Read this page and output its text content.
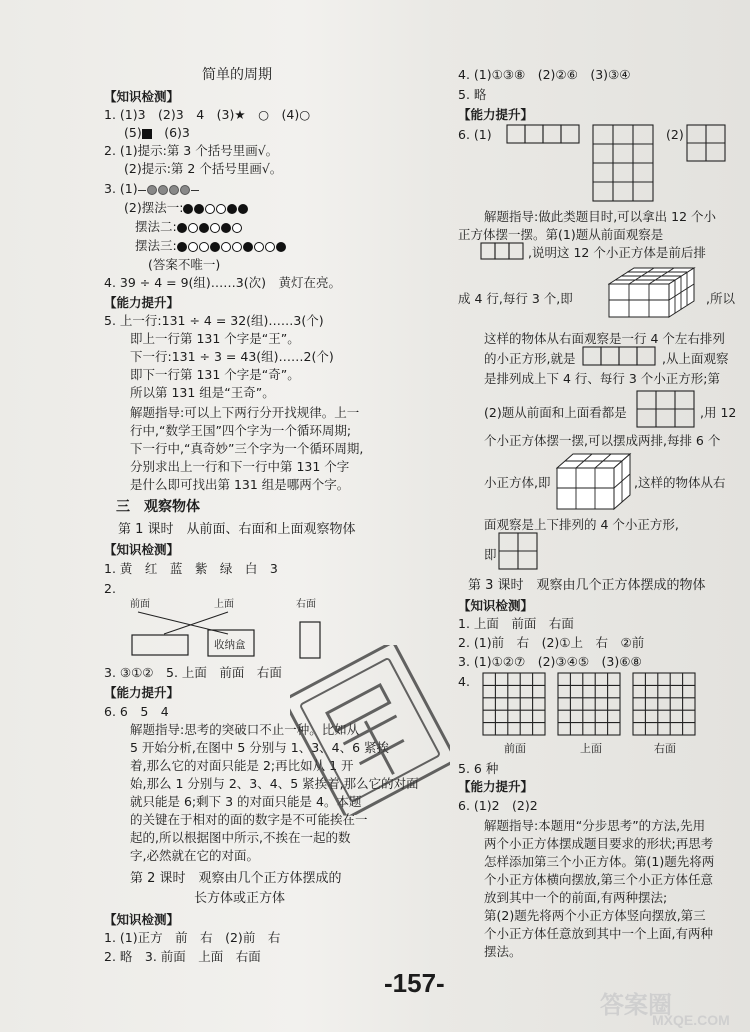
简单的周期
【知识检测】
1. (1)3　(2)3　4　(3)★　○　(4)○
(5)　(6)3
2. (1)提示:第 3 个括号里画√。
(2)提示:第 2 个括号里画√。
3. (1)
(2)摆法一:
摆法二:
摆法三:
(答案不唯一)
4. 39 ÷ 4 = 9(组)……3(次)　黄灯在亮。
【能力提升】
5. 上一行:131 ÷ 4 = 32(组)……3(个)
即上一行第 131 个字是“王”。
下一行:131 ÷ 3 = 43(组)……2(个)
即下一行第 131 个字是“奇”。
所以第 131 组是“王奇”。
解题指导:可以上下两行分开找规律。上一
行中,“数学王国”四个字为一个循环周期;
下一行中,“真奇妙”三个字为一个循环周期,
分别求出上一行和下一行中第 131 个字
是什么即可找出第 131 组是哪两个字。
三　观察物体
第 1 课时　从前面、右面和上面观察物体
【知识检测】
1. 黄　红　蓝　紫　绿　白　3
2.
前面	上面	右面
收纳盒
3. ③①②　5. 上面　前面　右面
【能力提升】
6. 6　5　4
解题指导:思考的突破口不止一种。比如从
5 开始分析,在图中 5 分别与 1、3、4、6 紧挨
着,那么它的对面只能是 2;再比如从 1 开
始,那么 1 分别与 2、3、4、5 紧挨着,那么它的对面
就只能是 6;剩下 3 的对面只能是 4。本题
的关键在于相对的面的数字是不可能挨在一
起的,所以根据图中所示,不挨在一起的数
字,必然就在它的对面。
第 2 课时　观察由几个正方体摆成的
长方体或正方体
【知识检测】
1. (1)正方　前　右　(2)前　右
2. 略　3. 前面　上面　右面
4. (1)①③⑧　(2)②⑥　(3)③④
5. 略
【能力提升】
6. (1)	(2)
解题指导:做此类题目时,可以拿出 12 个小
正方体摆一摆。第(1)题从前面观察是
,说明这 12 个小正方体是前后排
成 4 行,每行 3 个,即	,所以
这样的物体从右面观察是一行 4 个左右排列
的小正方形,就是	,从上面观察
是排列成上下 4 行、每行 3 个小正方形;第
(2)题从前面和上面看都是	,用 12
个小正方体摆一摆,可以摆成两排,每排 6 个
小正方体,即	,这样的物体从右
面观察是上下排列的 4 个小正方形,
即
第 3 课时　观察由几个正方体摆成的物体
【知识检测】
1. 上面　前面　右面
2. (1)前　右　(2)①上　右　②前
3. (1)①②⑦　(2)③④⑤　(3)⑥⑧
4.
前面	上面	右面
5. 6 种
【能力提升】
6. (1)2　(2)2
解题指导:本题用“分步思考”的方法,先用
两个小正方体摆成题目要求的形状;再思考
怎样添加第三个小正方体。第(1)题先将两
个小正方体横向摆放,第三个小正方体任意
放到其中一个的前面,有两种摆法;
第(2)题先将两个小正方体竖向摆放,第三
个小正方体任意放到其中一个上面,有两种
摆法。
-157-
答案圈
MXQE.COM
